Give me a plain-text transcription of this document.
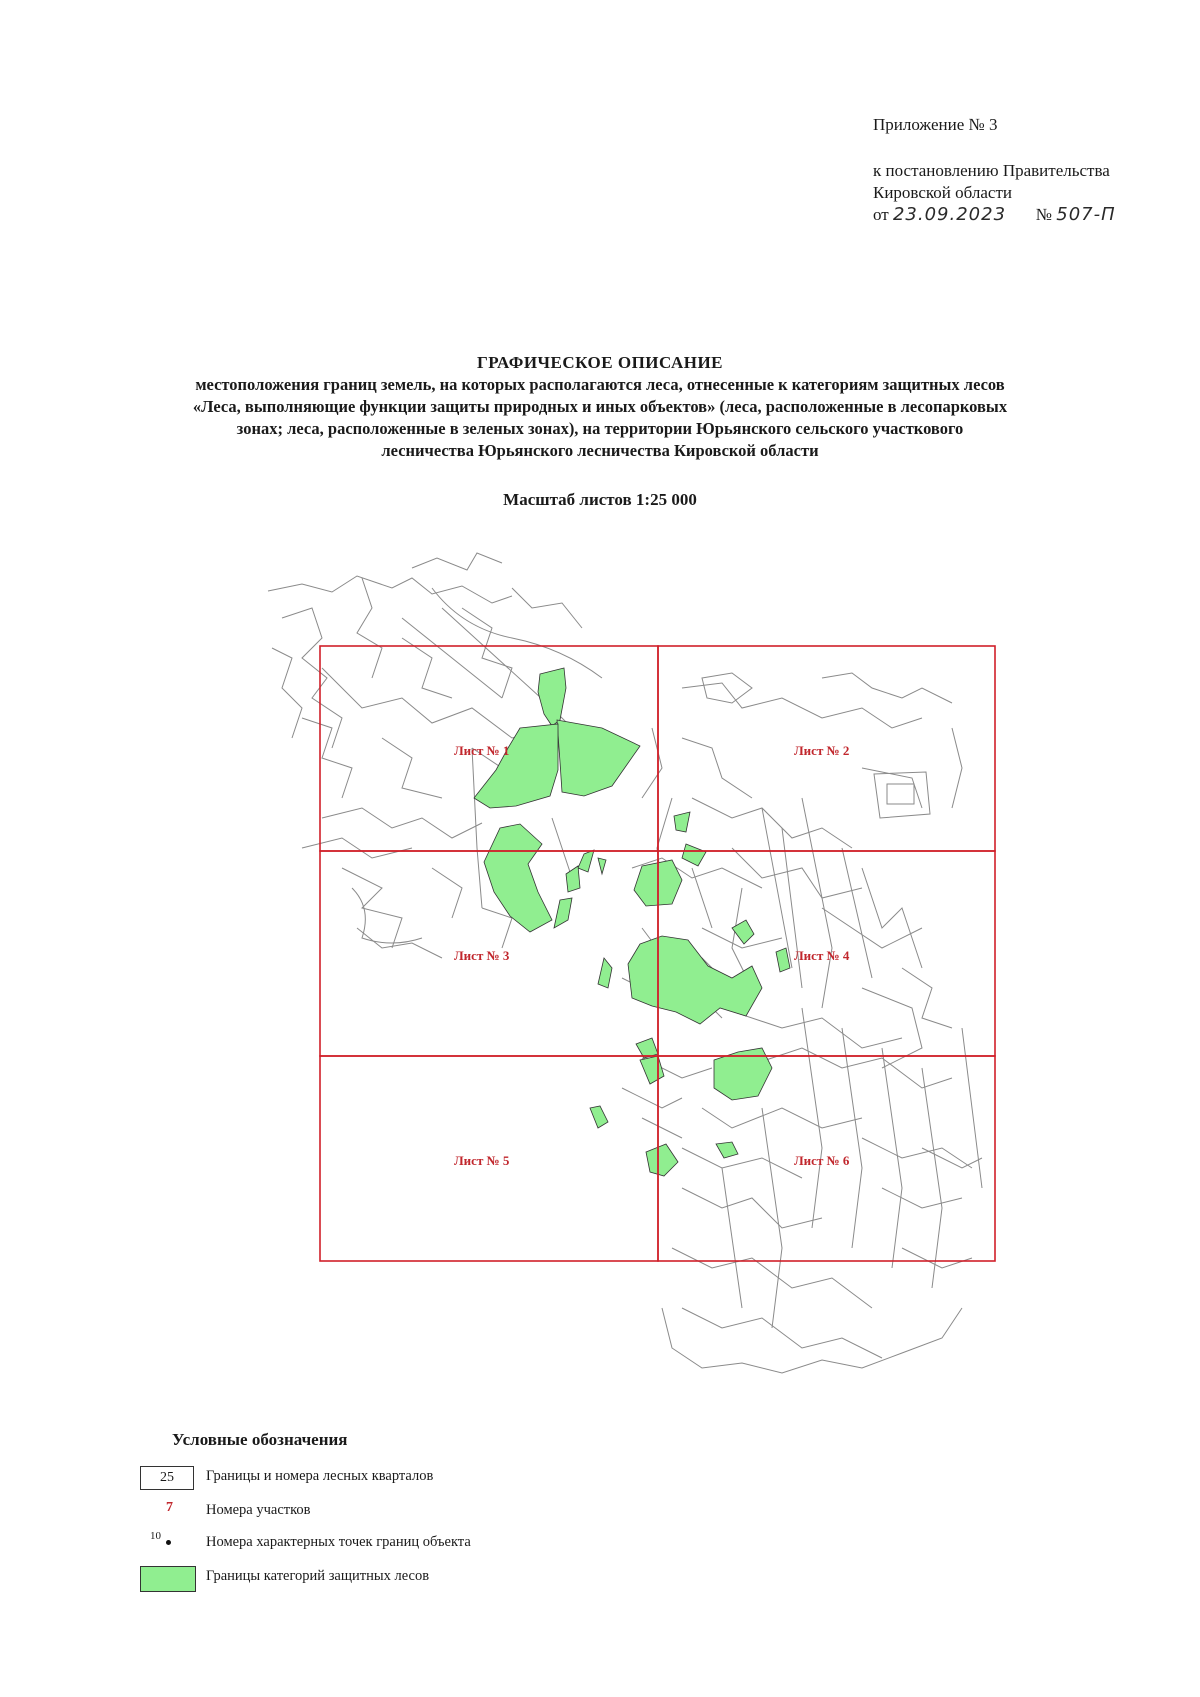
Приложение № 3
к постановлению Правительства
Кировской области
от 23.09.2023 № 507-П
ГРАФИЧЕСКОЕ ОПИСАНИЕ
местоположения границ земель, на которых располагаются леса, отнесенные к категориям защитных лесов
«Леса, выполняющие функции защиты природных и иных объектов» (леса, расположенные в лесопарковых
зонах; леса, расположенные в зеленых зонах), на территории Юрьянского сельского участкового
лесничества Юрьянского лесничества Кировской области
Масштаб листов 1:25 000
Лист № 1	Лист № 2
Лист № 3	Лист № 4
Лист № 5	Лист № 6
Условные обозначения
25	Границы и номера лесных кварталов
7 Номера участков
10	Номера характерных точек границ объекта
Границы категорий защитных лесов
